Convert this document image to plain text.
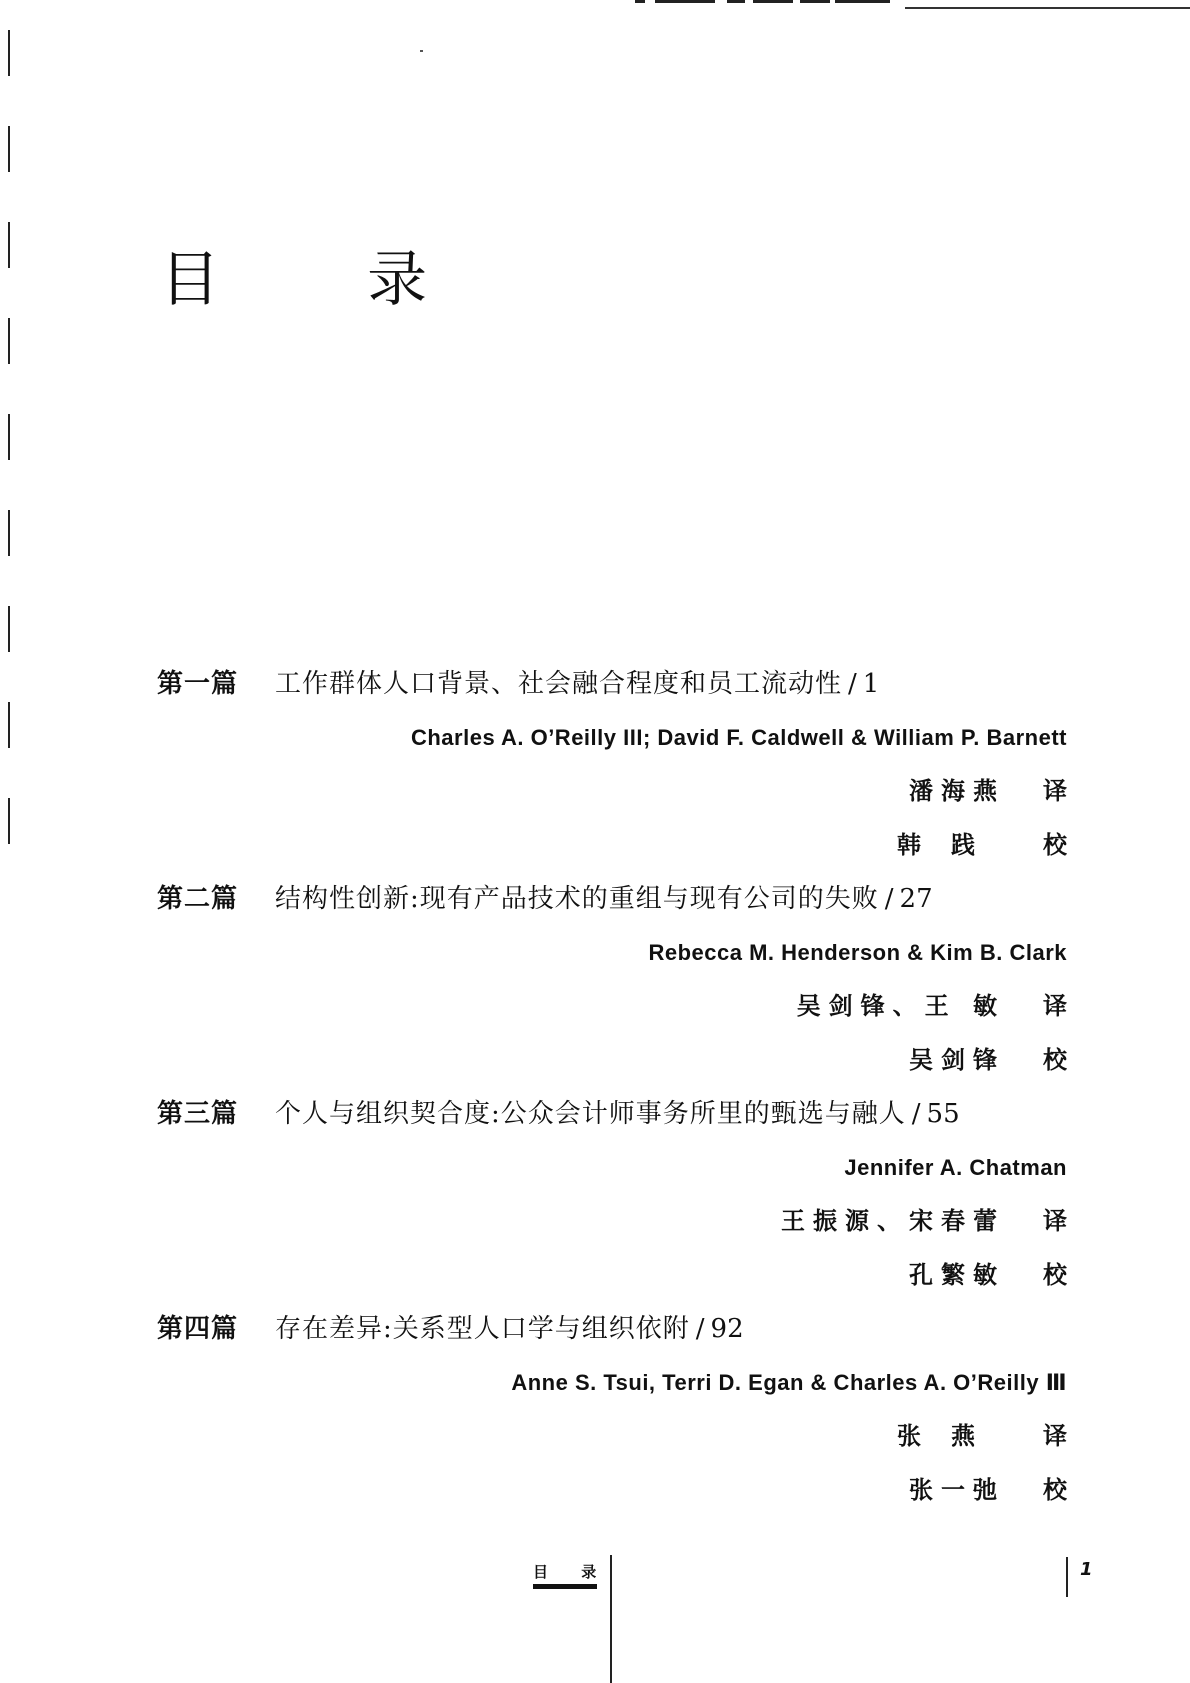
目 录
第一篇	工作群体人口背景、社会融合程度和员工流动性 / 1
Charles A. O’Reilly III; David F. Caldwell & William P. Barnett
潘海燕	译
韩践	校
第二篇	结构性创新:现有产品技术的重组与现有公司的失败 / 27
Rebecca M. Henderson & Kim B. Clark
吴剑锋、王 敏	译
吴剑锋	校
第三篇	个人与组织契合度:公众会计师事务所里的甄选与融人 / 55
Jennifer A. Chatman
王振源、宋春蕾	译
孔繁敏	校
第四篇	存在差异:关系型人口学与组织依附 / 92
Anne S. Tsui, Terri D. Egan & Charles A. O’Reilly Ⅲ
张燕	译
张一弛	校
目 录	1
